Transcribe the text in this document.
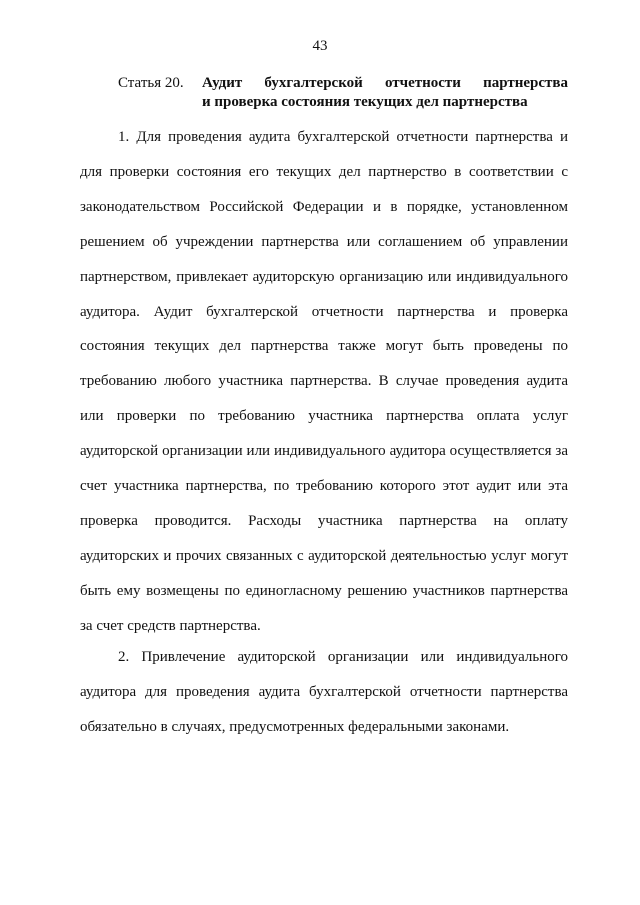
43
Статья 20. Аудит бухгалтерской отчетности партнерства
и проверка состояния текущих дел партнерства

1. Для проведения аудита бухгалтерской отчетности партнерства и для проверки состояния его текущих дел партнерство в соответствии с законодательством Российской Федерации и в порядке, установленном решением об учреждении партнерства или соглашением об управлении партнерством, привлекает аудиторскую организацию или индивидуального аудитора. Аудит бухгалтерской отчетности партнерства и проверка состояния текущих дел партнерства также могут быть проведены по требованию любого участника партнерства. В случае проведения аудита или проверки по требованию участника партнерства оплата услуг аудиторской организации или индивидуального аудитора осуществляется за счет участника партнерства, по требованию которого этот аудит или эта проверка проводится. Расходы участника партнерства на оплату аудиторских и прочих связанных с аудиторской деятельностью услуг могут быть ему возмещены по единогласному решению участников партнерства за счет средств партнерства.

2. Привлечение аудиторской организации или индивидуального аудитора для проведения аудита бухгалтерской отчетности партнерства обязательно в случаях, предусмотренных федеральными законами.
